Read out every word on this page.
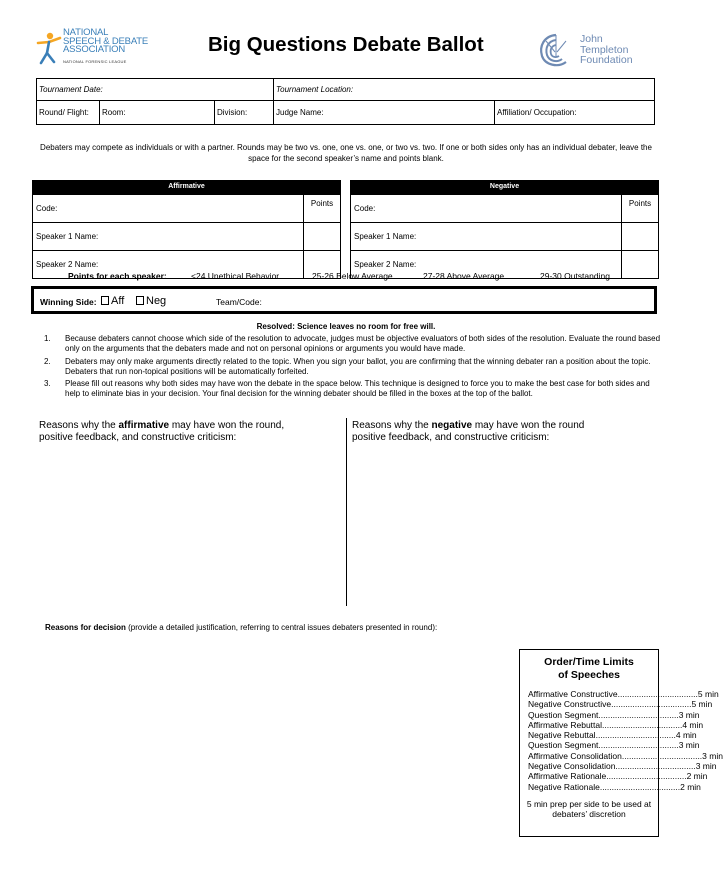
NATIONAL
SPEECH & DEBATE
ASSOCIATION
NATIONAL FORENSIC LEAGUE
Big Questions Debate Ballot	John
Templeton
Foundation
Tournament Date:			Tournament Location:	
Round/ Flight:	Room:	Division:	Judge Name:	Affiliation/ Occupation:
Debaters may compete as individuals or with a partner. Rounds may be two vs. one, one vs. one, or two vs. two. If one or both sides only has an individual debater, leave the space for the second speaker’s name and points blank.
Affirmative
Code:	Points
Speaker 1 Name:	
Speaker 2 Name:	
Negative
Code:	Points
Speaker 1 Name:	
Speaker 2 Name:	
Points for each speaker:	<24 Unethical Behavior	25-26 Below Average	27-28 Above Average	29-30 Outstanding
Winning Side:	Aff	Neg	Team/Code:
Resolved: Science leaves no room for free will.
1. Because debaters cannot choose which side of the resolution to advocate, judges must be objective evaluators of both sides of the resolution. Evaluate the round based only on the arguments that the debaters made and not on personal opinions or arguments you would have made.
2. Debaters may only make arguments directly related to the topic. When you sign your ballot, you are confirming that the winning debater ran a position about the topic. Debaters that run non-topical positions will be automatically forfeited.
3. Please fill out reasons why both sides may have won the debate in the space below. This technique is designed to force you to make the best case for both sides and help to eliminate bias in your decision. Your final decision for the winning debater should be filled in the boxes at the top of the ballot.
Reasons why the affirmative may have won the round,
positive feedback, and constructive criticism:
Reasons why the negative may have won the round
positive feedback, and constructive criticism:
Reasons for decision (provide a detailed justification, referring to central issues debaters presented in round):
Order/Time Limits
of Speeches
Affirmative Constructive .................................. 5 min
Negative Constructive .................................. 5 min
Question Segment .................................. 3 min
Affirmative Rebuttal .................................. 4 min
Negative Rebuttal .................................. 4 min
Question Segment .................................. 3 min
Affirmative Consolidation .................................. 3 min
Negative Consolidation .................................. 3 min
Affirmative Rationale .................................. 2 min
Negative Rationale .................................. 2 min
5 min prep per side to be used at debaters’ discretion
